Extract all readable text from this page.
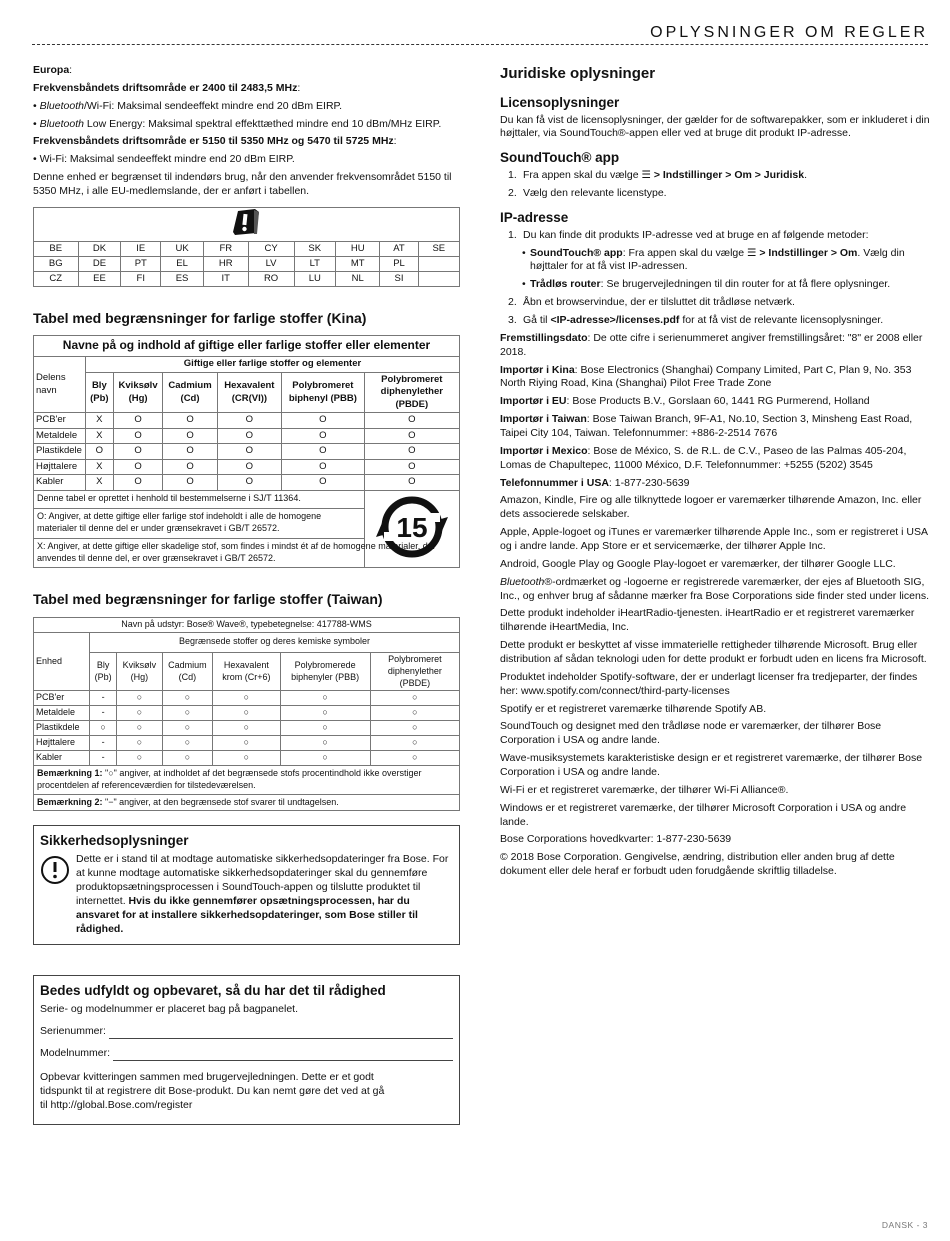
OPLYSNINGER OM REGLER

Europa:

Frekvensbåndets driftsområde er 2400 til 2483,5 MHz:

• Bluetooth/Wi-Fi: Maksimal sendeeffekt mindre end 20 dBm EIRP.

• Bluetooth Low Energy: Maksimal spektral effekttæthed mindre end 10 dBm/MHz EIRP.

Frekvensbåndets driftsområde er 5150 til 5350 MHz og 5470 til 5725 MHz:

• Wi-Fi: Maksimal sendeeffekt mindre end 20 dBm EIRP.

Denne enhed er begrænset til indendørs brug, når den anvender frekvensområdet 5150 til 5350 MHz, i alle EU-medlemslande, der er anført i tabellen.

BE	DK	IE	UK	FR	CY	SK	HU	AT	SE
BG	DE	PT	EL	HR	LV	LT	MT	PL	
CZ	EE	FI	ES	IT	RO	LU	NL	SI	
Tabel med begrænsninger for farlige stoffer (Kina)
Navne på og indhold af giftige eller farlige stoffer eller elementer						
Delens navn	Giftige eller farlige stoffer og elementer					
	Bly (Pb)	Kviksølv (Hg)	Cadmium (Cd)	Hexavalent (CR(VI))	Polybromeret biphenyl (PBB)	Polybromeret diphenylether (PBDE)
PCB'er	X	O	O	O	O	O
Metaldele	X	O	O	O	O	O
Plastikdele	O	O	O	O	O	O
Højttalere	X	O	O	O	O	O
Kabler	X	O	O	O	O	O
Denne tabel er oprettet i henhold til bestemmelserne i SJ/T 11364.						15

O: Angiver, at dette giftige eller farlige stof indeholdt i alle de homogene materialer til denne del er under grænsekravet i GB/T 26572.						
X: Angiver, at dette giftige eller skadelige stof, som findes i mindst ét af de homogene materialer, der anvendes til denne del, er over grænsekravet i GB/T 26572.						
Tabel med begrænsninger for farlige stoffer (Taiwan)
Navn på udstyr: Bose® Wave®, typebetegnelse: 417788-WMS						
Enhed	Begrænsede stoffer og deres kemiske symboler					
	Bly (Pb)	Kviksølv (Hg)	Cadmium (Cd)	Hexavalent krom (Cr+6)	Polybromerede biphenyler (PBB)	Polybromeret diphenylether (PBDE)
PCB'er	-	○	○	○	○	○
Metaldele	-	○	○	○	○	○
Plastikdele	○	○	○	○	○	○
Højttalere	-	○	○	○	○	○
Kabler	-	○	○	○	○	○
Bemærkning 1: "○" angiver, at indholdet af det begrænsede stofs procentindhold ikke overstiger procentdelen af referenceværdien for tilstedeværelsen.						
Bemærkning 2: "−" angiver, at den begrænsede stof svarer til undtagelsen.						
Sikkerhedsoplysninger

Dette er i stand til at modtage automatiske sikkerhedsopdateringer fra Bose. For at kunne modtage automatiske sikkerhedsopdateringer skal du gennemføre produktopsætningsprocessen i SoundTouch-appen og tilslutte produktet til internettet. Hvis du ikke gennemfører opsætningsprocessen, har du ansvaret for at installere sikkerhedsopdateringer, som Bose stiller til rådighed.

Bedes udfyldt og opbevaret, så du har det til rådighed

Serie- og modelnummer er placeret bag på bagpanelet.

Serienummer:
Modelnummer:

Opbevar kvitteringen sammen med brugervejledningen. Dette er et godt tidspunkt til at registrere dit Bose-produkt. Du kan nemt gøre det ved at gå til http://global.Bose.com/register

Juridiske oplysninger
Licensoplysninger

Du kan få vist de licensoplysninger, der gælder for de softwarepakker, som er inkluderet i din højttaler, via SoundTouch®-appen eller ved at bruge dit produkt IP-adresse.

SoundTouch® app
1. Fra appen skal du vælge ☰ > Indstillinger > Om > Juridisk.
2. Vælg den relevante licenstype.
IP-adresse
1. Du kan finde dit produkts IP-adresse ved at bruge en af følgende metoder:
• SoundTouch® app: Fra appen skal du vælge ☰ > Indstillinger > Om. Vælg din højttaler for at få vist IP-adressen.
• Trådløs router: Se brugervejledningen til din router for at få flere oplysninger.
2. Åbn et browservindue, der er tilsluttet dit trådløse netværk.
3. Gå til <IP-adresse>/licenses.pdf for at få vist de relevante licensoplysninger.

Fremstillingsdato: De otte cifre i serienummeret angiver fremstillingsåret: "8" er 2008 eller 2018.

Importør i Kina: Bose Electronics (Shanghai) Company Limited, Part C, Plan 9, No. 353 North Riying Road, Kina (Shanghai) Pilot Free Trade Zone

Importør i EU: Bose Products B.V., Gorslaan 60, 1441 RG Purmerend, Holland

Importør i Taiwan: Bose Taiwan Branch, 9F-A1, No.10, Section 3, Minsheng East Road, Taipei City 104, Taiwan. Telefonnummer: +886-2-2514 7676

Importør i Mexico: Bose de México, S. de R.L. de C.V., Paseo de las Palmas 405-204, Lomas de Chapultepec, 11000 México, D.F. Telefonnummer: +5255 (5202) 3545

Telefonnummer i USA: 1-877-230-5639

Amazon, Kindle, Fire og alle tilknyttede logoer er varemærker tilhørende Amazon, Inc. eller dets associerede selskaber.

Apple, Apple-logoet og iTunes er varemærker tilhørende Apple Inc., som er registreret i USA og i andre lande. App Store er et servicemærke, der tilhører Apple Inc.

Android, Google Play og Google Play-logoet er varemærker, der tilhører Google LLC.

Bluetooth®-ordmærket og -logoerne er registrerede varemærker, der ejes af Bluetooth SIG, Inc., og enhver brug af sådanne mærker fra Bose Corporations side finder sted under licens.

Dette produkt indeholder iHeartRadio-tjenesten. iHeartRadio er et registreret varemærker tilhørende iHeartMedia, Inc.

Dette produkt er beskyttet af visse immaterielle rettigheder tilhørende Microsoft. Brug eller distribution af sådan teknologi uden for dette produkt er forbudt uden en licens fra Microsoft.

Produktet indeholder Spotify-software, der er underlagt licenser fra tredjeparter, der findes her: www.spotify.com/connect/third-party-licenses

Spotify er et registreret varemærke tilhørende Spotify AB.

SoundTouch og designet med den trådløse node er varemærker, der tilhører Bose Corporation i USA og andre lande.

Wave-musiksystemets karakteristiske design er et registreret varemærke, der tilhører Bose Corporation i USA og andre lande.

Wi-Fi er et registreret varemærke, der tilhører Wi-Fi Alliance®.

Windows er et registreret varemærke, der tilhører Microsoft Corporation i USA og andre lande.

Bose Corporations hovedkvarter: 1-877-230-5639

© 2018 Bose Corporation. Gengivelse, ændring, distribution eller anden brug af dette dokument eller dele heraf er forbudt uden forudgående skriftlig tilladelse.

DANSK - 3
